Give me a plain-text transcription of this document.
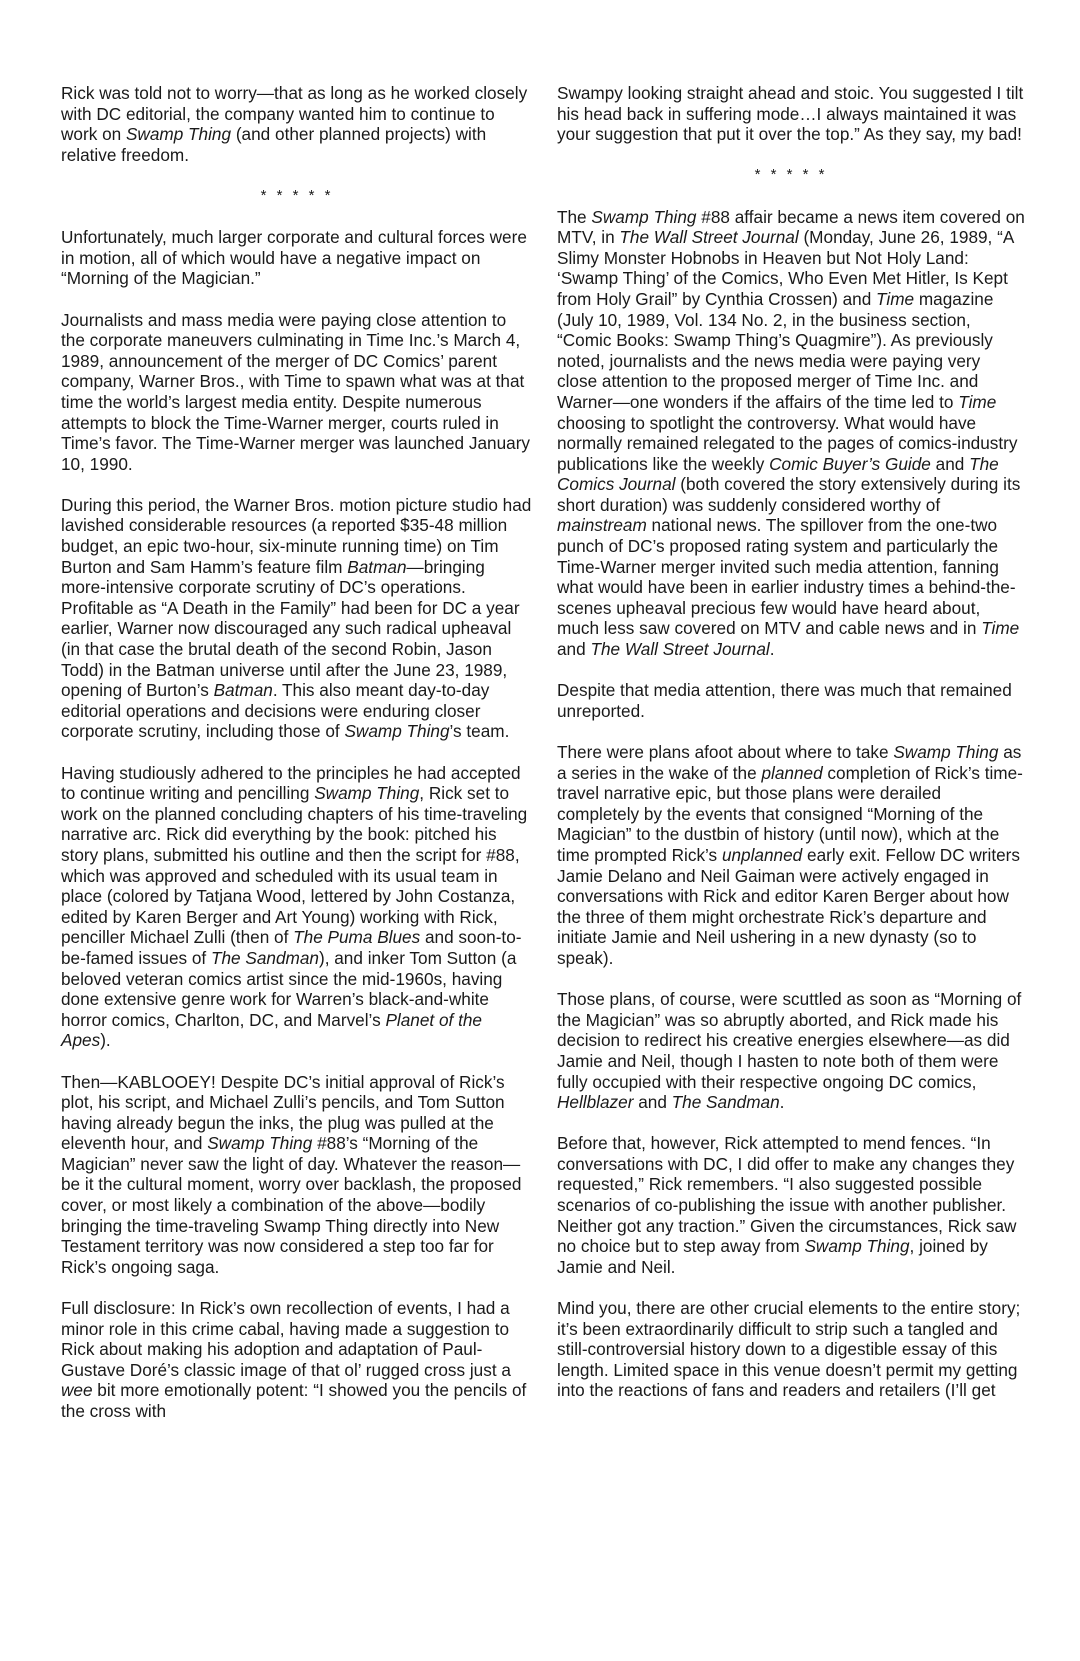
Rick was told not to worry—that as long as he worked closely with DC editorial, the company wanted him to continue to work on Swamp Thing (and other planned projects) with relative freedom.

* * * * *

Unfortunately, much larger corporate and cultural forces were in motion, all of which would have a negative impact on “Morning of the Magician.”

Journalists and mass media were paying close attention to the corporate maneuvers culminating in Time Inc.’s March 4, 1989, announcement of the merger of DC Comics’ parent company, Warner Bros., with Time to spawn what was at that time the world’s largest media entity. Despite numerous attempts to block the Time-Warner merger, courts ruled in Time’s favor. The Time-Warner merger was launched January 10, 1990.

During this period, the Warner Bros. motion picture studio had lavished considerable resources (a reported $35-48 million budget, an epic two-hour, six-minute running time) on Tim Burton and Sam Hamm’s feature film Batman—bringing more-intensive corporate scrutiny of DC’s operations. Profitable as “A Death in the Family” had been for DC a year earlier, Warner now discouraged any such radical upheaval (in that case the brutal death of the second Robin, Jason Todd) in the Batman universe until after the June 23, 1989, opening of Burton’s Batman. This also meant day-to-day editorial operations and decisions were enduring closer corporate scrutiny, including those of Swamp Thing’s team.

Having studiously adhered to the principles he had accepted to continue writing and pencilling Swamp Thing, Rick set to work on the planned concluding chapters of his time-traveling narrative arc. Rick did everything by the book: pitched his story plans, submitted his outline and then the script for #88, which was approved and scheduled with its usual team in place (colored by Tatjana Wood, lettered by John Costanza, edited by Karen Berger and Art Young) working with Rick, penciller Michael Zulli (then of The Puma Blues and soon-to-be-famed issues of The Sandman), and inker Tom Sutton (a beloved veteran comics artist since the mid-1960s, having done extensive genre work for Warren’s black-and-white horror comics, Charlton, DC, and Marvel’s Planet of the Apes).

Then—KABLOOEY! Despite DC’s initial approval of Rick’s plot, his script, and Michael Zulli’s pencils, and Tom Sutton having already begun the inks, the plug was pulled at the eleventh hour, and Swamp Thing #88’s “Morning of the Magician” never saw the light of day. Whatever the reason—be it the cultural moment, worry over backlash, the proposed cover, or most likely a combination of the above—bodily bringing the time-traveling Swamp Thing directly into New Testament territory was now considered a step too far for Rick’s ongoing saga.

Full disclosure: In Rick’s own recollection of events, I had a minor role in this crime cabal, having made a suggestion to Rick about making his adoption and adaptation of Paul-Gustave Doré’s classic image of that ol’ rugged cross just a wee bit more emotionally potent: “I showed you the pencils of the cross with

Swampy looking straight ahead and stoic. You suggested I tilt his head back in suffering mode…I always maintained it was your suggestion that put it over the top.” As they say, my bad!

* * * * *

The Swamp Thing #88 affair became a news item covered on MTV, in The Wall Street Journal (Monday, June 26, 1989, “A Slimy Monster Hobnobs in Heaven but Not Holy Land: ‘Swamp Thing’ of the Comics, Who Even Met Hitler, Is Kept from Holy Grail” by Cynthia Crossen) and Time magazine (July 10, 1989, Vol. 134 No. 2, in the business section, “Comic Books: Swamp Thing’s Quagmire”). As previously noted, journalists and the news media were paying very close attention to the proposed merger of Time Inc. and Warner—one wonders if the affairs of the time led to Time choosing to spotlight the controversy. What would have normally remained relegated to the pages of comics-industry publications like the weekly Comic Buyer’s Guide and The Comics Journal (both covered the story extensively during its short duration) was suddenly considered worthy of mainstream national news. The spillover from the one-two punch of DC’s proposed rating system and particularly the Time-Warner merger invited such media attention, fanning what would have been in earlier industry times a behind-the-scenes upheaval precious few would have heard about, much less saw covered on MTV and cable news and in Time and The Wall Street Journal.

Despite that media attention, there was much that remained unreported.

There were plans afoot about where to take Swamp Thing as a series in the wake of the planned completion of Rick’s time-travel narrative epic, but those plans were derailed completely by the events that consigned “Morning of the Magician” to the dustbin of history (until now), which at the time prompted Rick’s unplanned early exit. Fellow DC writers Jamie Delano and Neil Gaiman were actively engaged in conversations with Rick and editor Karen Berger about how the three of them might orchestrate Rick’s departure and initiate Jamie and Neil ushering in a new dynasty (so to speak).

Those plans, of course, were scuttled as soon as “Morning of the Magician” was so abruptly aborted, and Rick made his decision to redirect his creative energies elsewhere—as did Jamie and Neil, though I hasten to note both of them were fully occupied with their respective ongoing DC comics, Hellblazer and The Sandman.

Before that, however, Rick attempted to mend fences. “In conversations with DC, I did offer to make any changes they requested,” Rick remembers. “I also suggested possible scenarios of co-publishing the issue with another publisher. Neither got any traction.” Given the circumstances, Rick saw no choice but to step away from Swamp Thing, joined by Jamie and Neil.

Mind you, there are other crucial elements to the entire story; it’s been extraordinarily difficult to strip such a tangled and still-controversial history down to a digestible essay of this length. Limited space in this venue doesn’t permit my getting into the reactions of fans and readers and retailers (I’ll get
